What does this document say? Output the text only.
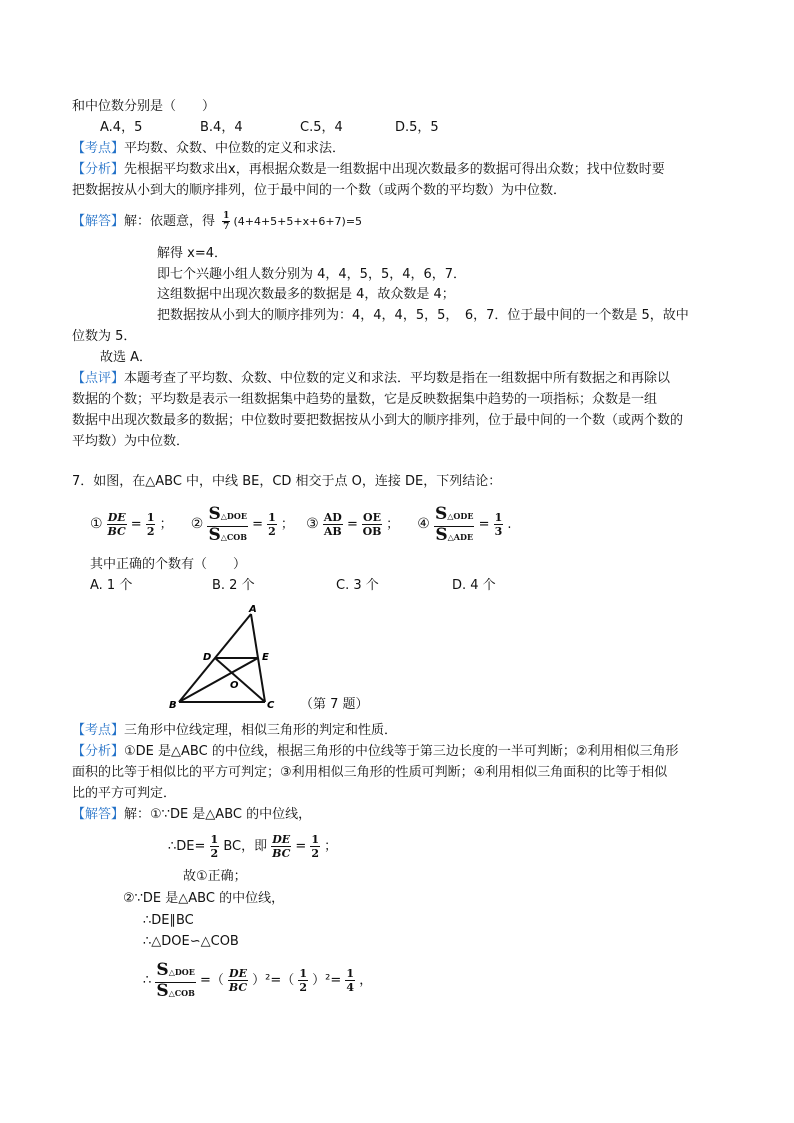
和中位数分别是（　　）
A.4，5	B.4，4	C.5，4	D.5，5
【考点】平均数、众数、中位数的定义和求法．
【分析】先根据平均数求出x，再根据众数是一组数据中出现次数最多的数据可得出众数；找中位数时要
把数据按从小到大的顺序排列，位于最中间的一个数（或两个数的平均数）为中位数．
【解答】解：依题意，得 $\frac{1}{7} (4+4+5+5+x+6+7)=5$
解得 x=4．
即七个兴趣小组人数分别为 4，4，5，5，4，6，7．
这组数据中出现次数最多的数据是 4，故众数是 4；
把数据按从小到大的顺序排列为：4，4，4，5，5，　6，7．位于最中间的一个数是 5，故中
位数为 5．
故选 A．
【点评】本题考查了平均数、众数、中位数的定义和求法．平均数是指在一组数据中所有数据之和再除以
数据的个数；平均数是表示一组数据集中趋势的量数，它是反映数据集中趋势的一项指标；众数是一组
数据中出现次数最多的数据；中位数时要把数据按从小到大的顺序排列，位于最中间的一个数（或两个数的
平均数）为中位数．
7．如图，在△ABC 中，中线 BE，CD 相交于点 O，连接 DE，下列结论：
① $\frac{DE}{BC} = \frac{1}{2}$ ； ② $\frac{\text{S△DOE}}{\text{S△COB}} = \frac{1}{2}$ ； ③ $\frac{AD}{AB} = \frac{OE}{OB}$ ； ④ $\frac{\text{S△ODE}}{\text{S△ADE}} = \frac{1}{3}$ .
其中正确的个数有（　　）
A. 1 个	B. 2 个	C. 3 个	D. 4 个
A
B	C
D	E
O
（第 7 题）
【考点】三角形中位线定理，相似三角形的判定和性质．
【分析】①DE 是△ABC 的中位线，根据三角形的中位线等于第三边长度的一半可判断；②利用相似三角形
面积的比等于相似比的平方可判定；③利用相似三角形的性质可判断；④利用相似三角面积的比等于相似
比的平方可判定．
【解答】解：①∵DE 是△ABC 的中位线，
∴DE= $\frac{1}{2}$ BC，即 $\frac{DE}{BC} = \frac{1}{2}$ ；
故①正确；
②∵DE 是△ABC 的中位线，
∴DE∥BC
∴△DOE∽△COB
∴ $\frac{\text{S△DOE}}{\text{S△COB}}$ =（ $\frac{DE}{BC} )^2=( \frac{1}{2} )^2= \frac{1}{4}$ ，
